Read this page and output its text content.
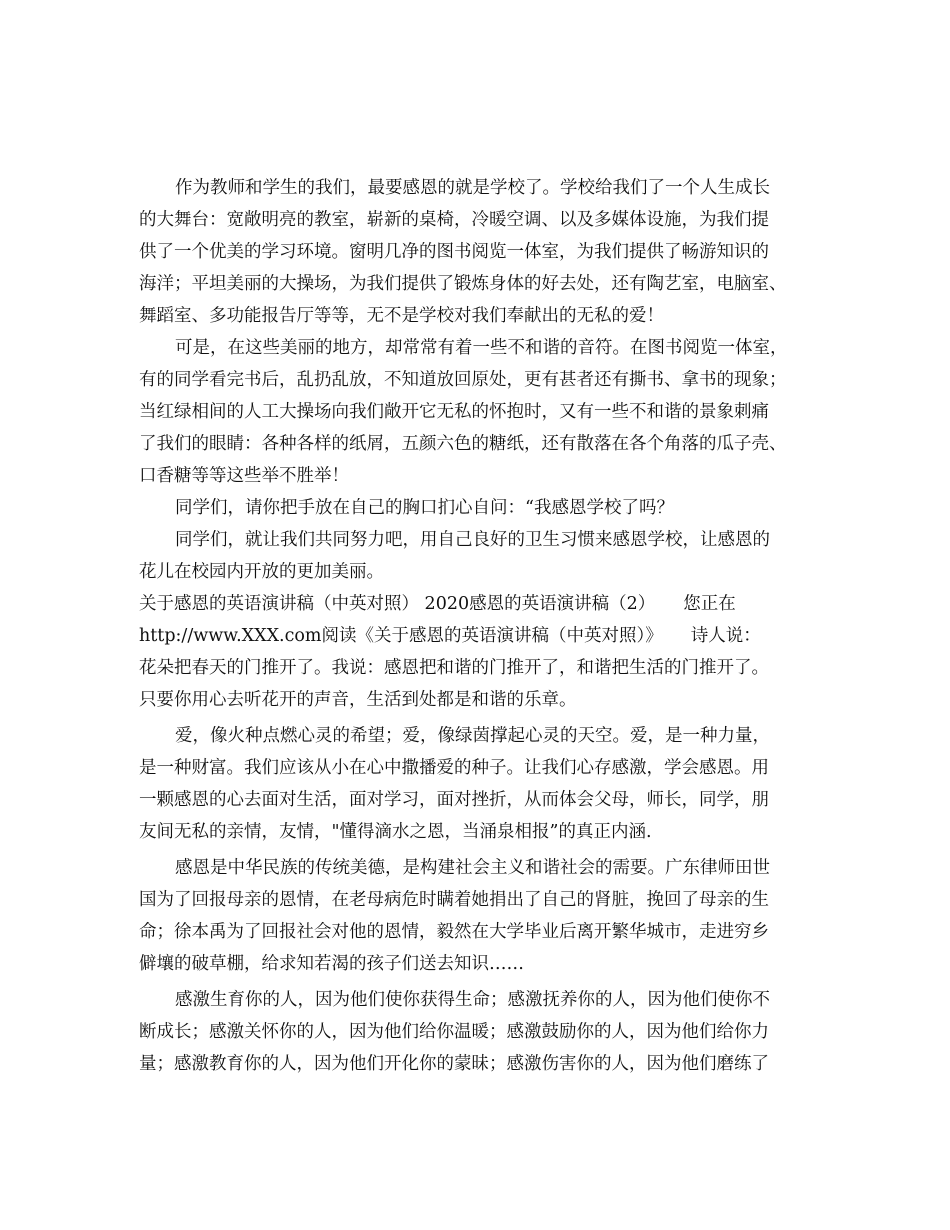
作为教师和学生的我们，最要感恩的就是学校了。学校给我们了一个人生成长
的大舞台：宽敞明亮的教室，崭新的桌椅，冷暖空调、以及多媒体设施，为我们提
供了一个优美的学习环境。窗明几净的图书阅览一体室，为我们提供了畅游知识的
海洋；平坦美丽的大操场，为我们提供了锻炼身体的好去处，还有陶艺室，电脑室、
舞蹈室、多功能报告厅等等，无不是学校对我们奉献出的无私的爱！
可是，在这些美丽的地方，却常常有着一些不和谐的音符。在图书阅览一体室，
有的同学看完书后，乱扔乱放，不知道放回原处，更有甚者还有撕书、拿书的现象；
当红绿相间的人工大操场向我们敞开它无私的怀抱时，又有一些不和谐的景象刺痛
了我们的眼睛：各种各样的纸屑，五颜六色的糖纸，还有散落在各个角落的瓜子壳、
口香糖等等这些举不胜举！
同学们，请你把手放在自己的胸口扪心自问：“我感恩学校了吗？
同学们，就让我们共同努力吧，用自己良好的卫生习惯来感恩学校，让感恩的
花儿在校园内开放的更加美丽。
关于感恩的英语演讲稿（中英对照） 2020感恩的英语演讲稿（2） 您正在
http://www.XXX.com阅读《关于感恩的英语演讲稿（中英对照）》 诗人说：
花朵把春天的门推开了。我说：感恩把和谐的门推开了，和谐把生活的门推开了。
只要你用心去听花开的声音，生活到处都是和谐的乐章。
爱，像火种点燃心灵的希望；爱，像绿茵撑起心灵的天空。爱，是一种力量，
是一种财富。我们应该从小在心中撒播爱的种子。让我们心存感激，学会感恩。用
一颗感恩的心去面对生活，面对学习，面对挫折，从而体会父母，师长，同学，朋
友间无私的亲情，友情，"懂得滴水之恩，当涌泉相报”的真正内涵.
感恩是中华民族的传统美德，是构建社会主义和谐社会的需要。广东律师田世
国为了回报母亲的恩情，在老母病危时瞒着她捐出了自己的肾脏，挽回了母亲的生
命；徐本禹为了回报社会对他的恩情，毅然在大学毕业后离开繁华城市，走进穷乡
僻壤的破草棚，给求知若渴的孩子们送去知识……
感激生育你的人，因为他们使你获得生命；感激抚养你的人，因为他们使你不
断成长；感激关怀你的人，因为他们给你温暖；感激鼓励你的人，因为他们给你力
量；感激教育你的人，因为他们开化你的蒙昧；感激伤害你的人，因为他们磨练了
